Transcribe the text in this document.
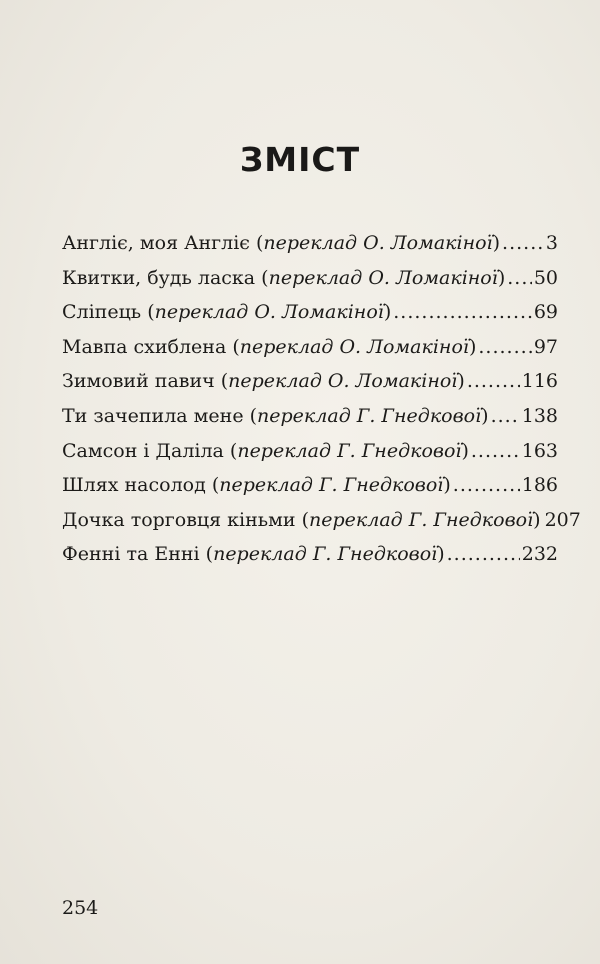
ЗМІСТ
Англіє, моя Англіє (переклад О. Ломакіної) ..... 3
Квитки, будь ласка (переклад О. Ломакіної) ..... 50
Сліпець (переклад О. Ломакіної) .....	69
Мавпа схиблена (переклад О. Ломакіної) .....	97
Зимовий павич (переклад О. Ломакіної) .....	116
Ти зачепила мене (переклад Г. Гнедкової) ..... 138
Самсон і Даліла (переклад Г. Гнедкової) .....	163
Шлях насолод (переклад Г. Гнедкової) .....	186
Дочка торговця кіньми (переклад Г. Гнедкової) 207
Фенні та Енні (переклад Г. Гнедкової) .....	232
254
